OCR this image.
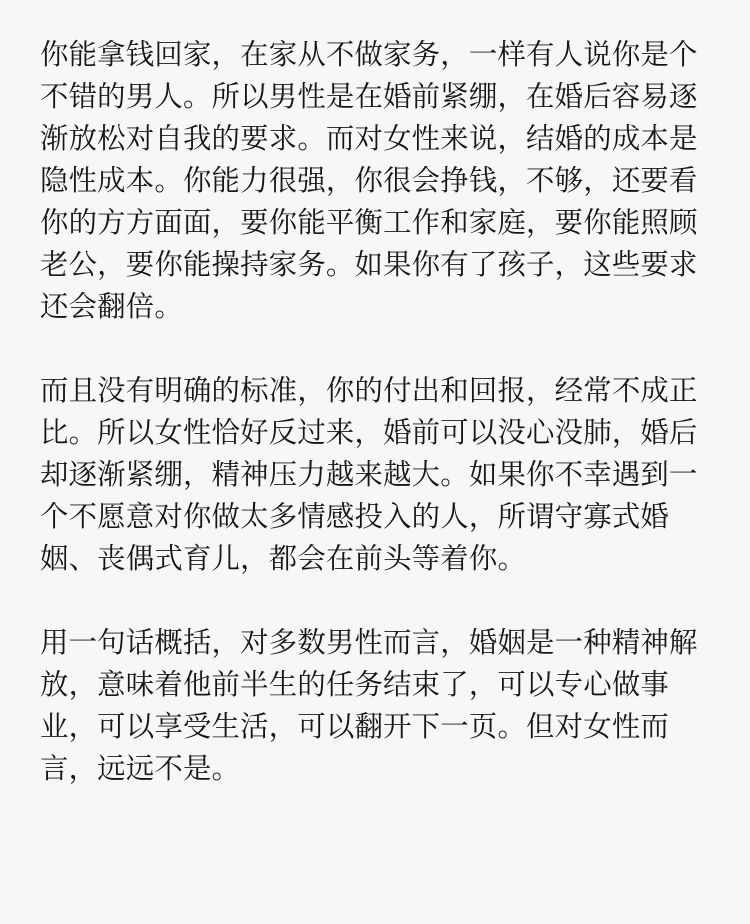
你能拿钱回家，在家从不做家务，一样有人说你是个
不错的男人。所以男性是在婚前紧绷，在婚后容易逐
渐放松对自我的要求。而对女性来说，结婚的成本是
隐性成本。你能力很强，你很会挣钱，不够，还要看
你的方方面面，要你能平衡工作和家庭，要你能照顾
老公，要你能操持家务。如果你有了孩子，这些要求
还会翻倍。
而且没有明确的标准，你的付出和回报，经常不成正
比。所以女性恰好反过来，婚前可以没心没肺，婚后
却逐渐紧绷，精神压力越来越大。如果你不幸遇到一
个不愿意对你做太多情感投入的人，所谓守寡式婚
姻、丧偶式育儿，都会在前头等着你。
用一句话概括，对多数男性而言，婚姻是一种精神解
放，意味着他前半生的任务结束了，可以专心做事
业，可以享受生活，可以翻开下一页。但对女性而
言，远远不是。
